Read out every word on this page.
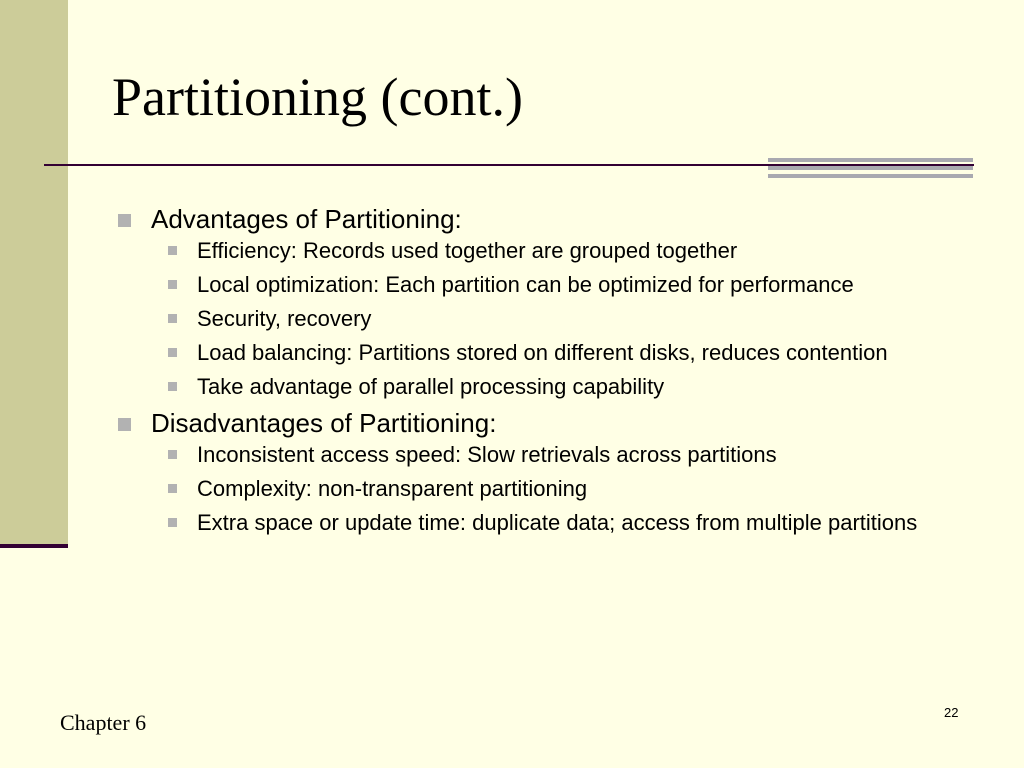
Partitioning (cont.)
Advantages of Partitioning:
Efficiency: Records used together are grouped together
Local optimization: Each partition can be optimized for performance
Security, recovery
Load balancing: Partitions stored on different disks, reduces contention
Take advantage of parallel processing capability
Disadvantages of Partitioning:
Inconsistent access speed: Slow retrievals across partitions
Complexity: non-transparent partitioning
Extra space or update time: duplicate data; access from multiple partitions
Chapter 6	22
